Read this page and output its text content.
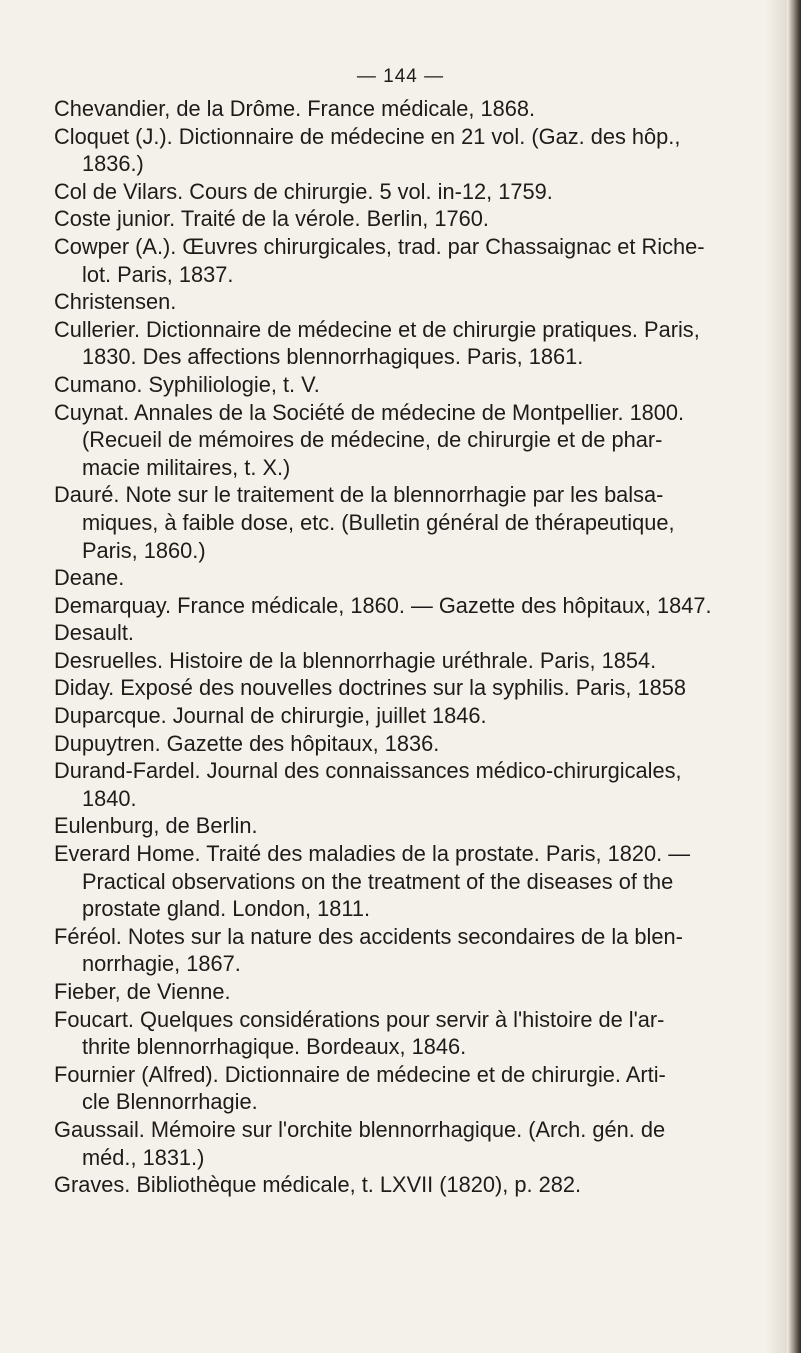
— 144 —
Chevandier, de la Drôme. France médicale, 1868.
Cloquet (J.). Dictionnaire de médecine en 21 vol. (Gaz. des hôp.,
1836.)
Col de Vilars. Cours de chirurgie. 5 vol. in-12, 1759.
Coste junior. Traité de la vérole. Berlin, 1760.
Cowper (A.). Œuvres chirurgicales, trad. par Chassaignac et Riche-
lot. Paris, 1837.
Christensen.
Cullerier. Dictionnaire de médecine et de chirurgie pratiques. Paris,
1830. Des affections blennorrhagiques. Paris, 1861.
Cumano. Syphiliologie, t. V.
Cuynat. Annales de la Société de médecine de Montpellier. 1800.
(Recueil de mémoires de médecine, de chirurgie et de phar-
macie militaires, t. X.)
Dauré. Note sur le traitement de la blennorrhagie par les balsa-
miques, à faible dose, etc. (Bulletin général de thérapeutique,
Paris, 1860.)
Deane.
Demarquay. France médicale, 1860. — Gazette des hôpitaux, 1847.
Desault.
Desruelles. Histoire de la blennorrhagie uréthrale. Paris, 1854.
Diday. Exposé des nouvelles doctrines sur la syphilis. Paris, 1858
Duparcque. Journal de chirurgie, juillet 1846.
Dupuytren. Gazette des hôpitaux, 1836.
Durand-Fardel. Journal des connaissances médico-chirurgicales,
1840.
Eulenburg, de Berlin.
Everard Home. Traité des maladies de la prostate. Paris, 1820. —
Practical observations on the treatment of the diseases of the
prostate gland. London, 1811.
Féréol. Notes sur la nature des accidents secondaires de la blen-
norrhagie, 1867.
Fieber, de Vienne.
Foucart. Quelques considérations pour servir à l'histoire de l'ar-
thrite blennorrhagique. Bordeaux, 1846.
Fournier (Alfred). Dictionnaire de médecine et de chirurgie. Arti-
cle Blennorrhagie.
Gaussail. Mémoire sur l'orchite blennorrhagique. (Arch. gén. de
méd., 1831.)
Graves. Bibliothèque médicale, t. LXVII (1820), p. 282.
